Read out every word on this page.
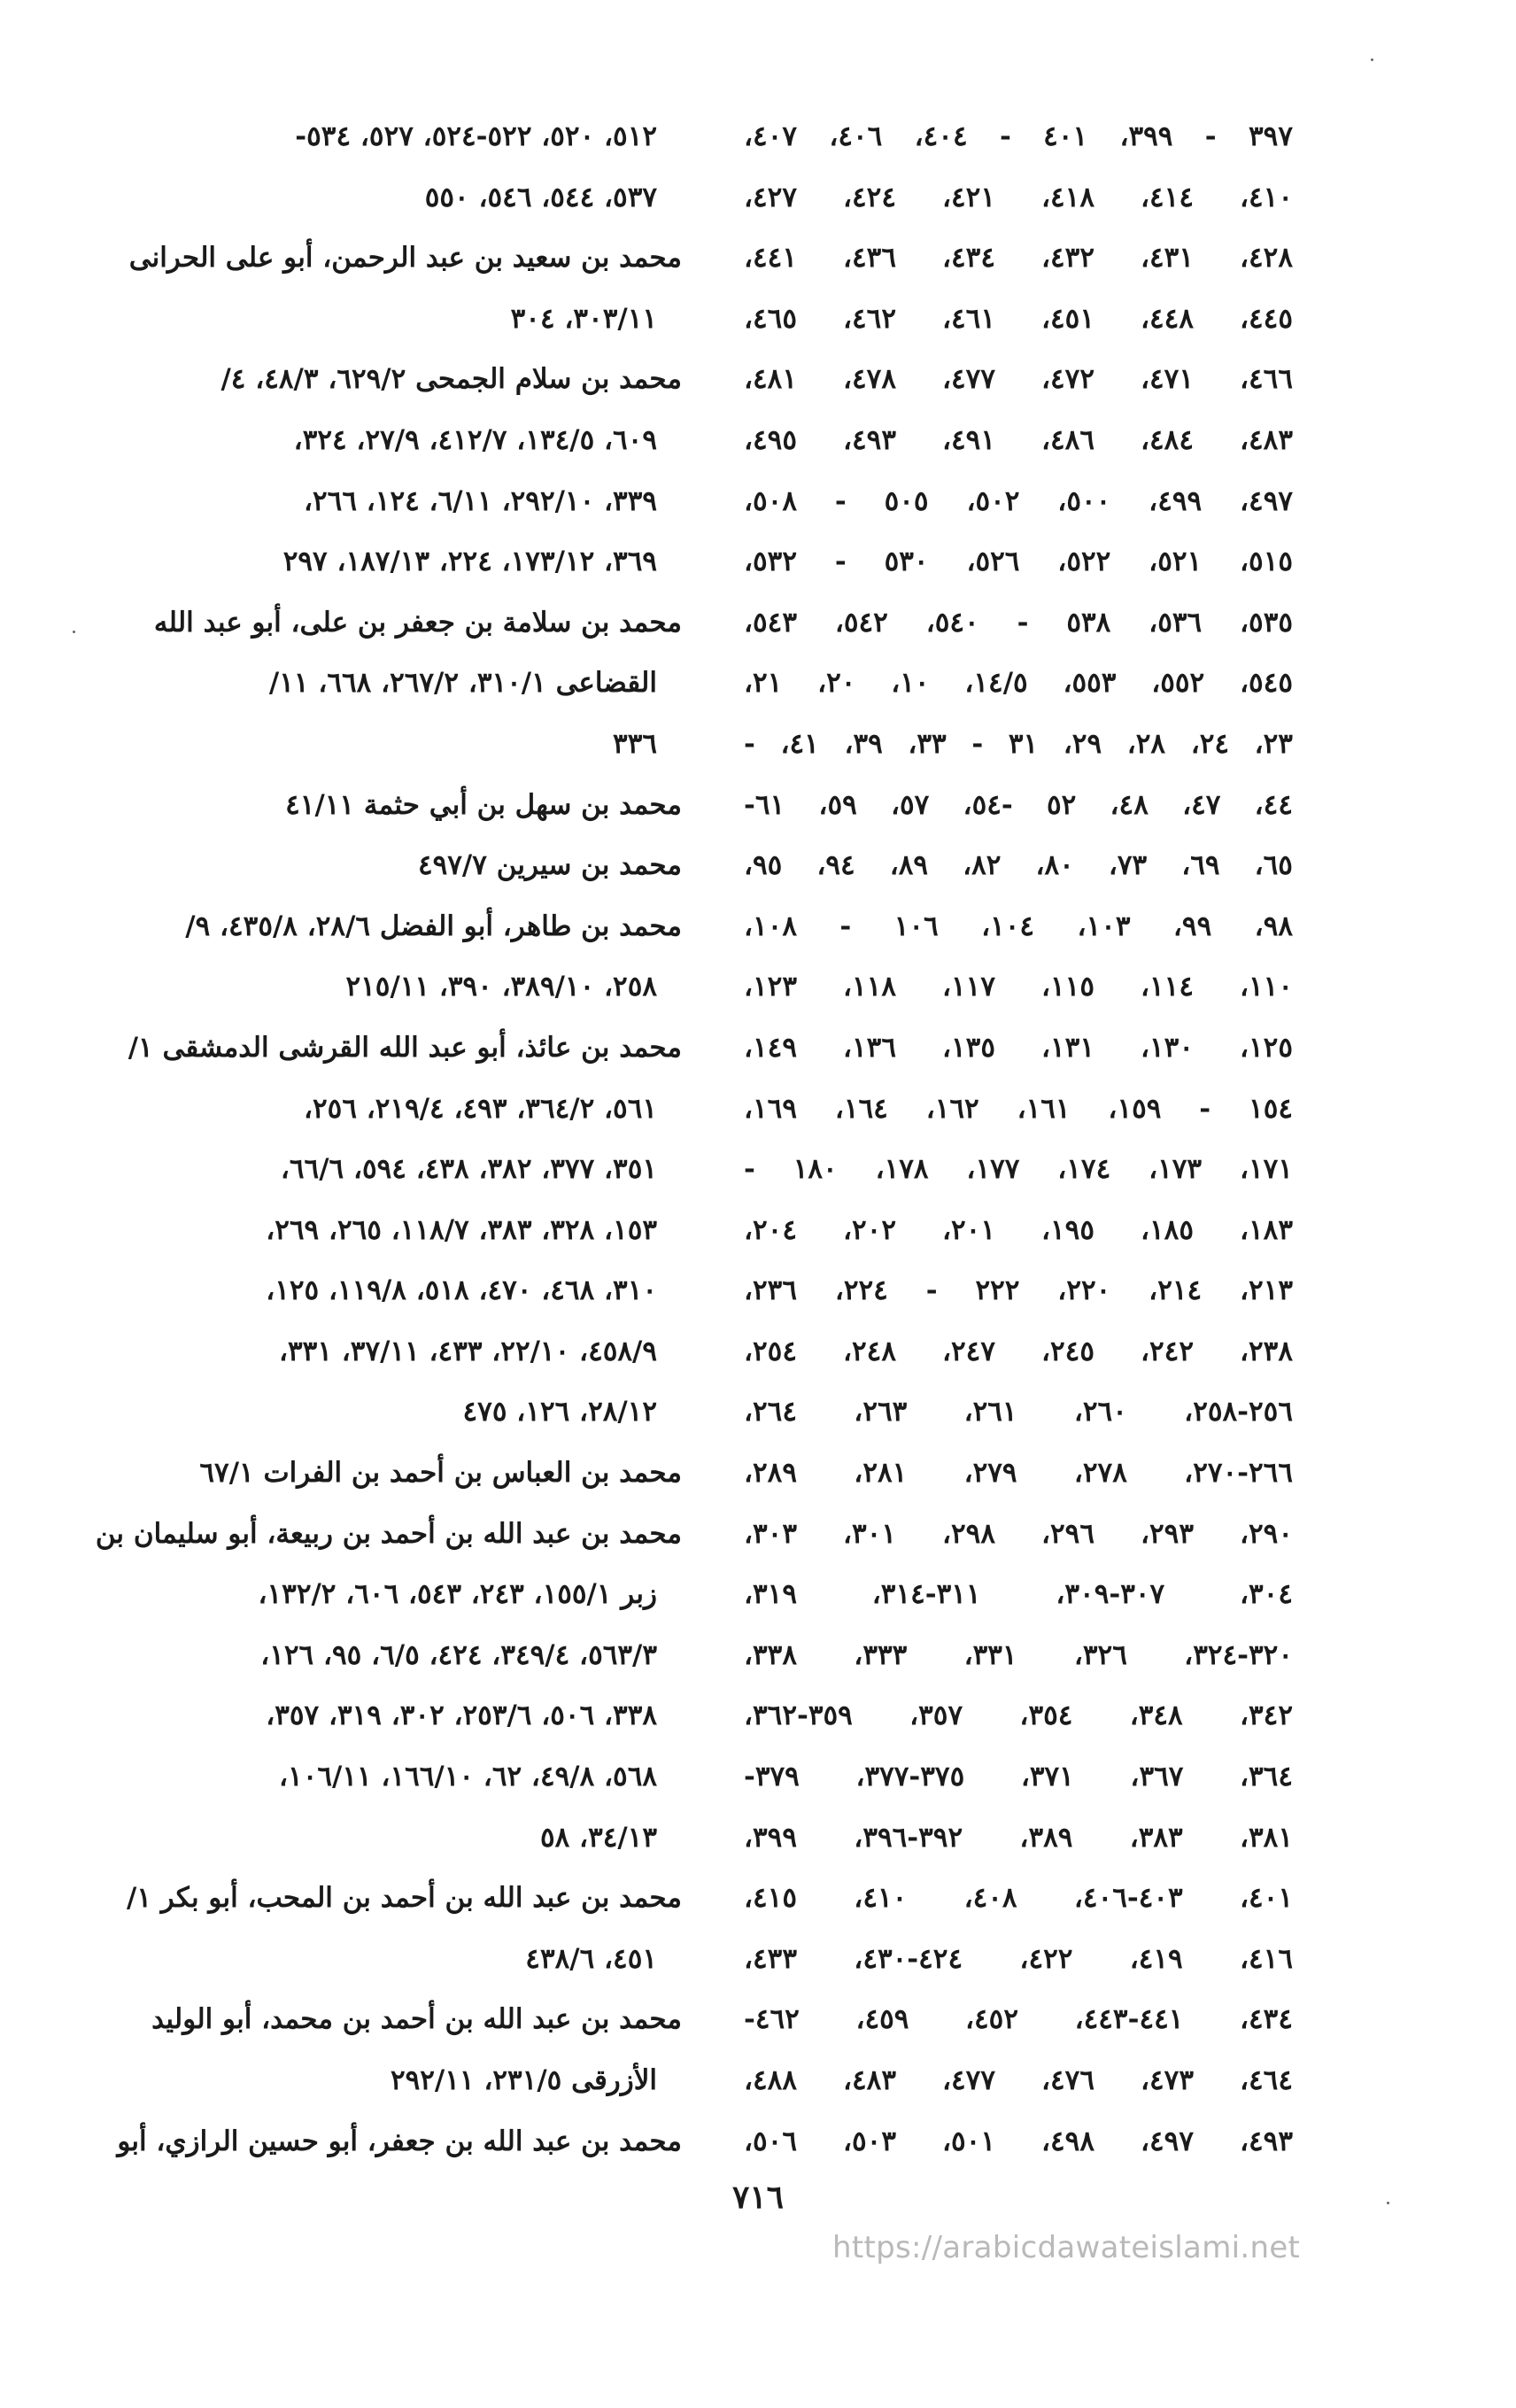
٣٩٧ - ٣٩٩، ٤٠١ - ٤٠٤، ٤٠٦، ٤٠٧،
٤١٠، ٤١٤، ٤١٨، ٤٢١، ٤٢٤، ٤٢٧،
٤٢٨، ٤٣١، ٤٣٢، ٤٣٤، ٤٣٦، ٤٤١،
٤٤٥، ٤٤٨، ٤٥١، ٤٦١، ٤٦٢، ٤٦٥،
٤٦٦، ٤٧١، ٤٧٢، ٤٧٧، ٤٧٨، ٤٨١،
٤٨٣، ٤٨٤، ٤٨٦، ٤٩١، ٤٩٣، ٤٩٥،
٤٩٧، ٤٩٩، ٥٠٠، ٥٠٢، ٥٠٥ - ٥٠٨،
٥١٥، ٥٢١، ٥٢٢، ٥٢٦، ٥٣٠ - ٥٣٢،
٥٣٥، ٥٣٦، ٥٣٨ - ٥٤٠، ٥٤٢، ٥٤٣،
٥٤٥، ٥٥٢، ٥٥٣، ١٤/٥، ١٠، ٢٠، ٢١،
٢٣، ٢٤، ٢٨، ٢٩، ٣١ - ٣٣، ٣٩، ٤١، -
٤٤، ٤٧، ٤٨، ٥٢ -٥٤، ٥٧، ٥٩، ٦١-
٦٥، ٦٩، ٧٣، ٨٠، ٨٢، ٨٩، ٩٤، ٩٥،
٩٨، ٩٩، ١٠٣، ١٠٤، ١٠٦ - ١٠٨،
١١٠، ١١٤، ١١٥، ١١٧، ١١٨، ١٢٣،
١٢٥، ١٣٠، ١٣١، ١٣٥، ١٣٦، ١٤٩،
١٥٤ - ١٥٩، ١٦١، ١٦٢، ١٦٤، ١٦٩،
١٧١، ١٧٣، ١٧٤، ١٧٧، ١٧٨، ١٨٠ -
١٨٣، ١٨٥، ١٩٥، ٢٠١، ٢٠٢، ٢٠٤،
٢١٣، ٢١٤، ٢٢٠، ٢٢٢ - ٢٢٤، ٢٣٦،
٢٣٨، ٢٤٢، ٢٤٥، ٢٤٧، ٢٤٨، ٢٥٤،
٢٥٦-٢٥٨، ٢٦٠، ٢٦١، ٢٦٣، ٢٦٤،
٢٦٦-٢٧٠، ٢٧٨، ٢٧٩، ٢٨١، ٢٨٩،
٢٩٠، ٢٩٣، ٢٩٦، ٢٩٨، ٣٠١، ٣٠٣،
٣٠٤، ٣٠٧-٣٠٩، ٣١١-٣١٤، ٣١٩،
٣٢٠-٣٢٤، ٣٢٦، ٣٣١، ٣٣٣، ٣٣٨،
٣٤٢، ٣٤٨، ٣٥٤، ٣٥٧، ٣٥٩-٣٦٢،
٣٦٤، ٣٦٧، ٣٧١، ٣٧٥-٣٧٧، ٣٧٩-
٣٨١، ٣٨٣، ٣٨٩، ٣٩٢-٣٩٦، ٣٩٩،
٤٠١، ٤٠٣-٤٠٦، ٤٠٨، ٤١٠، ٤١٥،
٤١٦، ٤١٩، ٤٢٢، ٤٢٤-٤٣٠، ٤٣٣،
٤٣٤، ٤٤١-٤٤٣، ٤٥٢، ٤٥٩، ٤٦٢-
٤٦٤، ٤٧٣، ٤٧٦، ٤٧٧، ٤٨٣، ٤٨٨،
٤٩٣، ٤٩٧، ٤٩٨، ٥٠١، ٥٠٣، ٥٠٦،
٥١٢، ٥٢٠، ٥٢٢-٥٢٤، ٥٢٧، ٥٣٤-
٥٣٧، ٥٤٤، ٥٤٦، ٥٥٠
محمد بن سعيد بن عبد الرحمن، أبو على الحرانى
٣٠٣/١١، ٣٠٤
محمد بن سلام الجمحى ٦٢٩/٢، ٤٨/٣، ٤/
٦٠٩، ١٣٤/٥، ٤١٢/٧، ٢٧/٩، ٣٢٤،
٣٣٩، ٢٩٢/١٠، ٦/١١، ١٢٤، ٢٦٦،
٣٦٩، ١٧٣/١٢، ٢٢٤، ١٨٧/١٣، ٢٩٧
محمد بن سلامة بن جعفر بن على، أبو عبد الله
القضاعى ٣١٠/١، ٢٦٧/٢، ٦٦٨، ١١/
٣٣٦
محمد بن سهل بن أبي حثمة ٤١/١١
محمد بن سيرين ٤٩٧/٧
محمد بن طاهر، أبو الفضل ٢٨/٦، ٤٣٥/٨، ٩/
٢٥٨، ٣٨٩/١٠، ٣٩٠، ٢١٥/١١
محمد بن عائذ، أبو عبد الله القرشى الدمشقى ١/
٥٦١، ٣٦٤/٢، ٤٩٣، ٢١٩/٤، ٢٥٦،
٣٥١، ٣٧٧، ٣٨٢، ٤٣٨، ٥٩٤، ٦٦/٦،
١٥٣، ٣٢٨، ٣٨٣، ١١٨/٧، ٢٦٥، ٢٦٩،
٣١٠، ٤٦٨، ٤٧٠، ٥١٨، ١١٩/٨، ١٢٥،
٤٥٨/٩، ٢٢/١٠، ٤٣٣، ٣٧/١١، ٣٣١،
٢٨/١٢، ١٢٦، ٤٧٥
محمد بن العباس بن أحمد بن الفرات ٦٧/١
محمد بن عبد الله بن أحمد بن ربيعة، أبو سليمان بن
زبر ١٥٥/١، ٢٤٣، ٥٤٣، ٦٠٦، ١٣٢/٢،
٥٦٣/٣، ٣٤٩/٤، ٤٢٤، ٦/٥، ٩٥، ١٢٦،
٣٣٨، ٥٠٦، ٢٥٣/٦، ٣٠٢، ٣١٩، ٣٥٧،
٥٦٨، ٤٩/٨، ٦٢، ١٦٦/١٠، ١٠٦/١١،
٣٤/١٣، ٥٨
محمد بن عبد الله بن أحمد بن المحب، أبو بكر ١/
٤٥١، ٤٣٨/٦
محمد بن عبد الله بن أحمد بن محمد، أبو الوليد
الأزرقى ٢٣١/٥، ٢٩٢/١١
محمد بن عبد الله بن جعفر، أبو حسين الرازي، أبو
٧١٦
https://arabicdawateislami.net
